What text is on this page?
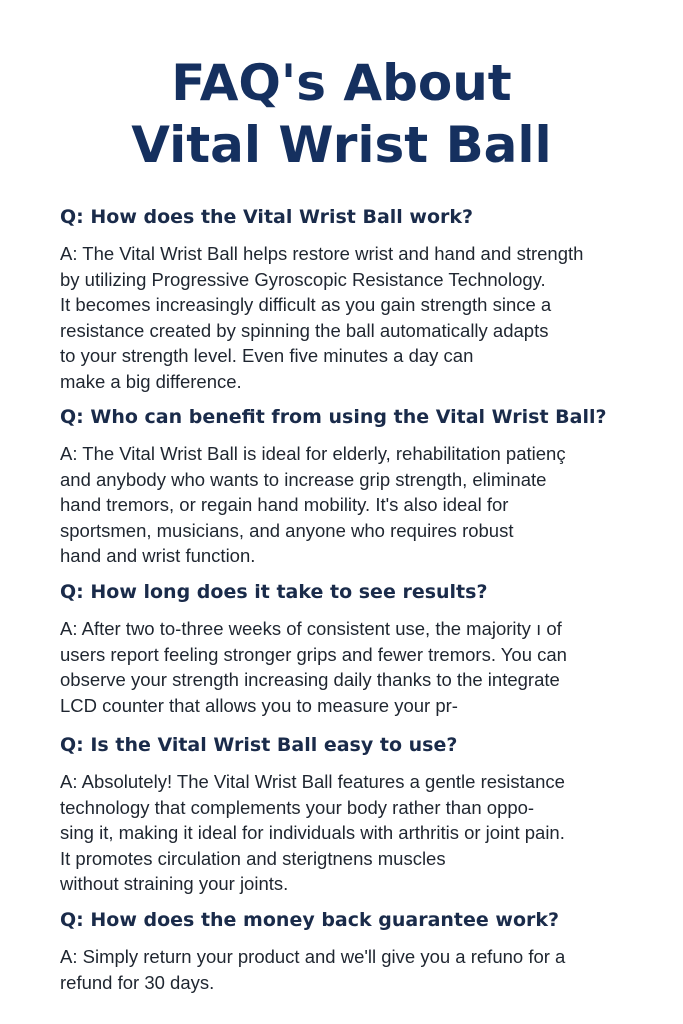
FAQ's About
Vital Wrist Ball

Q: How does the Vital Wrist Ball work?

A: The Vital Wrist Ball helps restore wrist and hand and strength
by utilizing Progressive Gyroscopic Resistance Technology.
It becomes increasingly difficult as you gain strength since a
resistance created by spinning the ball automatically adapts
to your strength level. Even five minutes a day can
make a big difference.

Q: Who can benefit from using the Vital Wrist Ball?

A: The Vital Wrist Ball is ideal for elderly, rehabilitation patienç
and anybody who wants to increase grip strength, eliminate
hand tremors, or regain hand mobility. It's also ideal for
sportsmen, musicians, and anyone who requires robust
hand and wrist function.

Q: How long does it take to see results?

A: After two to-three weeks of consistent use, the majority ı of
users report feeling stronger grips and fewer tremors. You can
observe your strength increasing daily thanks to the integrate
LCD counter that allows you to measure your pr-

Q: Is the Vital Wrist Ball easy to use?

A: Absolutely! The Vital Wrist Ball features a gentle resistance
technology that complements your body rather than oppo-
sing it, making it ideal for individuals with arthritis or joint pain.
It promotes circulation and sterigtnens muscles
without straining your joints.

Q: How does the money back guarantee work?

A: Simply return your product and we'll give you a refuno for a
refund for 30 days.
